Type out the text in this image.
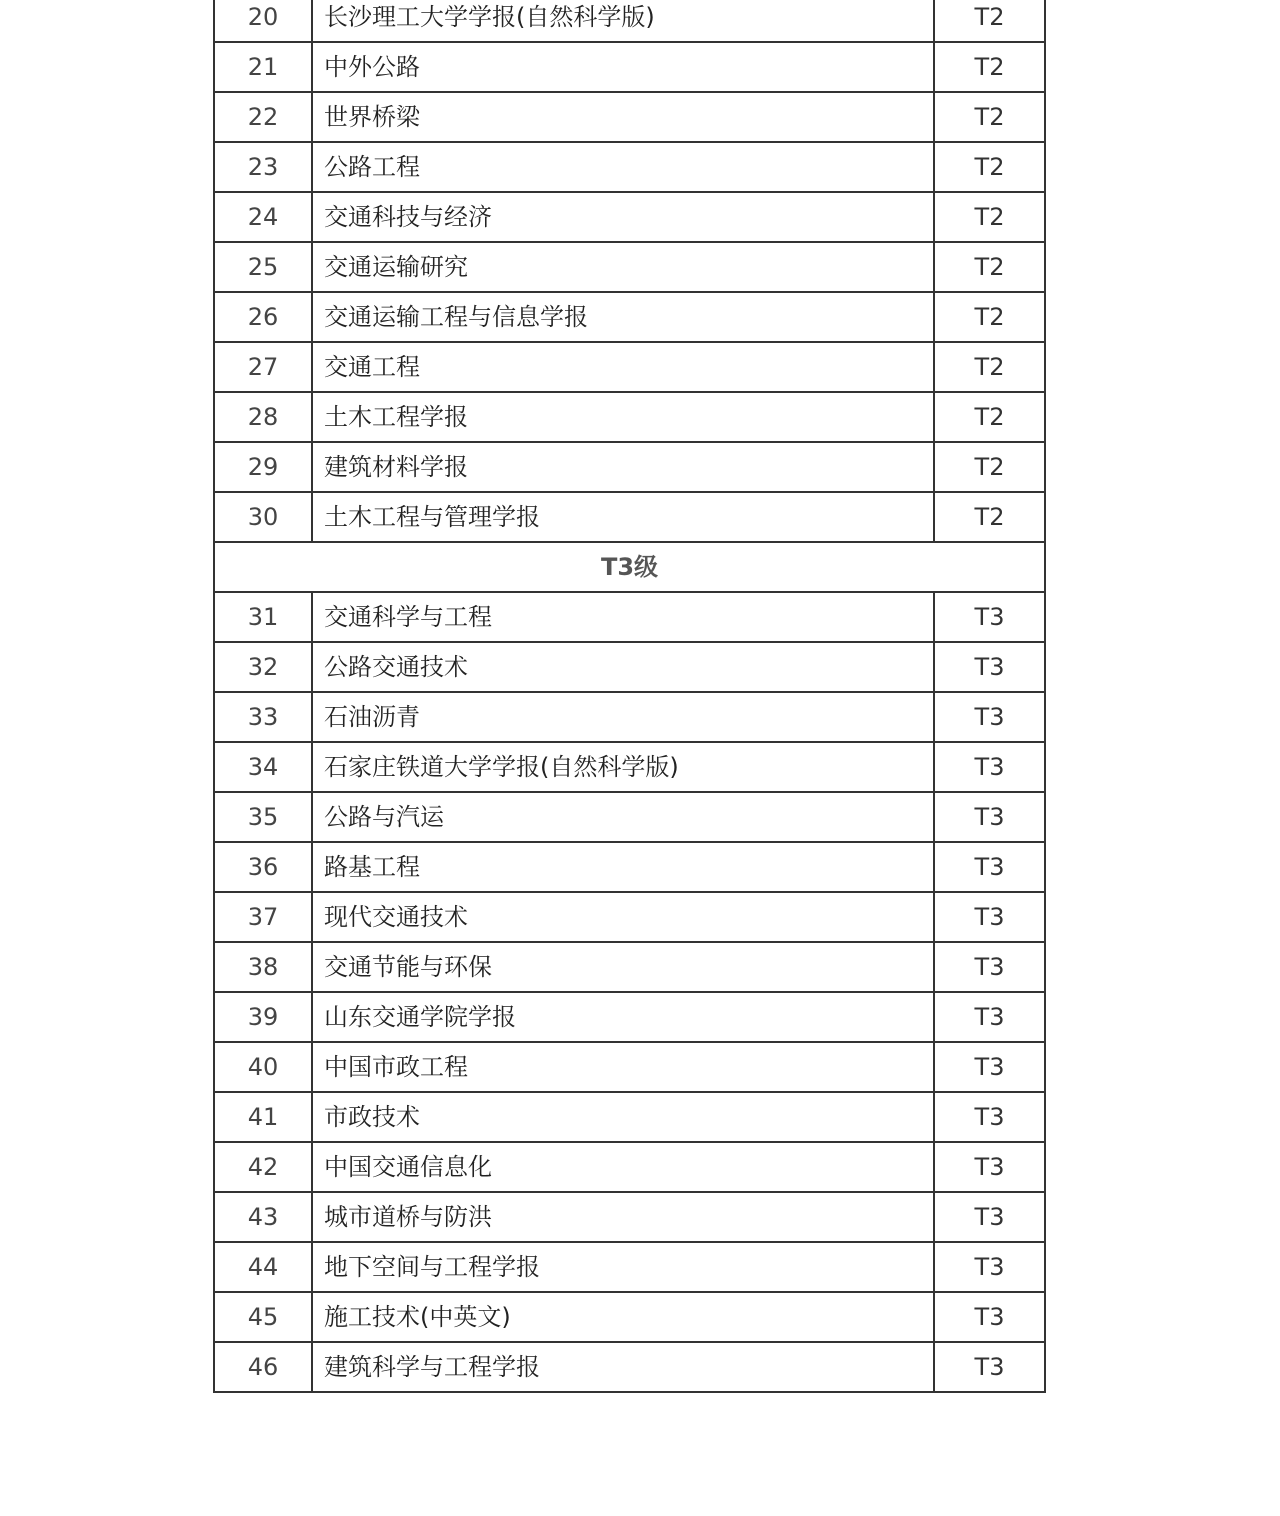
20	长沙理工大学学报(自然科学版)	T2
21	中外公路	T2
22	世界桥梁	T2
23	公路工程	T2
24	交通科技与经济	T2
25	交通运输研究	T2
26	交通运输工程与信息学报	T2
27	交通工程	T2
28	土木工程学报	T2
29	建筑材料学报	T2
30	土木工程与管理学报	T2
T3级		
31	交通科学与工程	T3
32	公路交通技术	T3
33	石油沥青	T3
34	石家庄铁道大学学报(自然科学版)	T3
35	公路与汽运	T3
36	路基工程	T3
37	现代交通技术	T3
38	交通节能与环保	T3
39	山东交通学院学报	T3
40	中国市政工程	T3
41	市政技术	T3
42	中国交通信息化	T3
43	城市道桥与防洪	T3
44	地下空间与工程学报	T3
45	施工技术(中英文)	T3
46	建筑科学与工程学报	T3
